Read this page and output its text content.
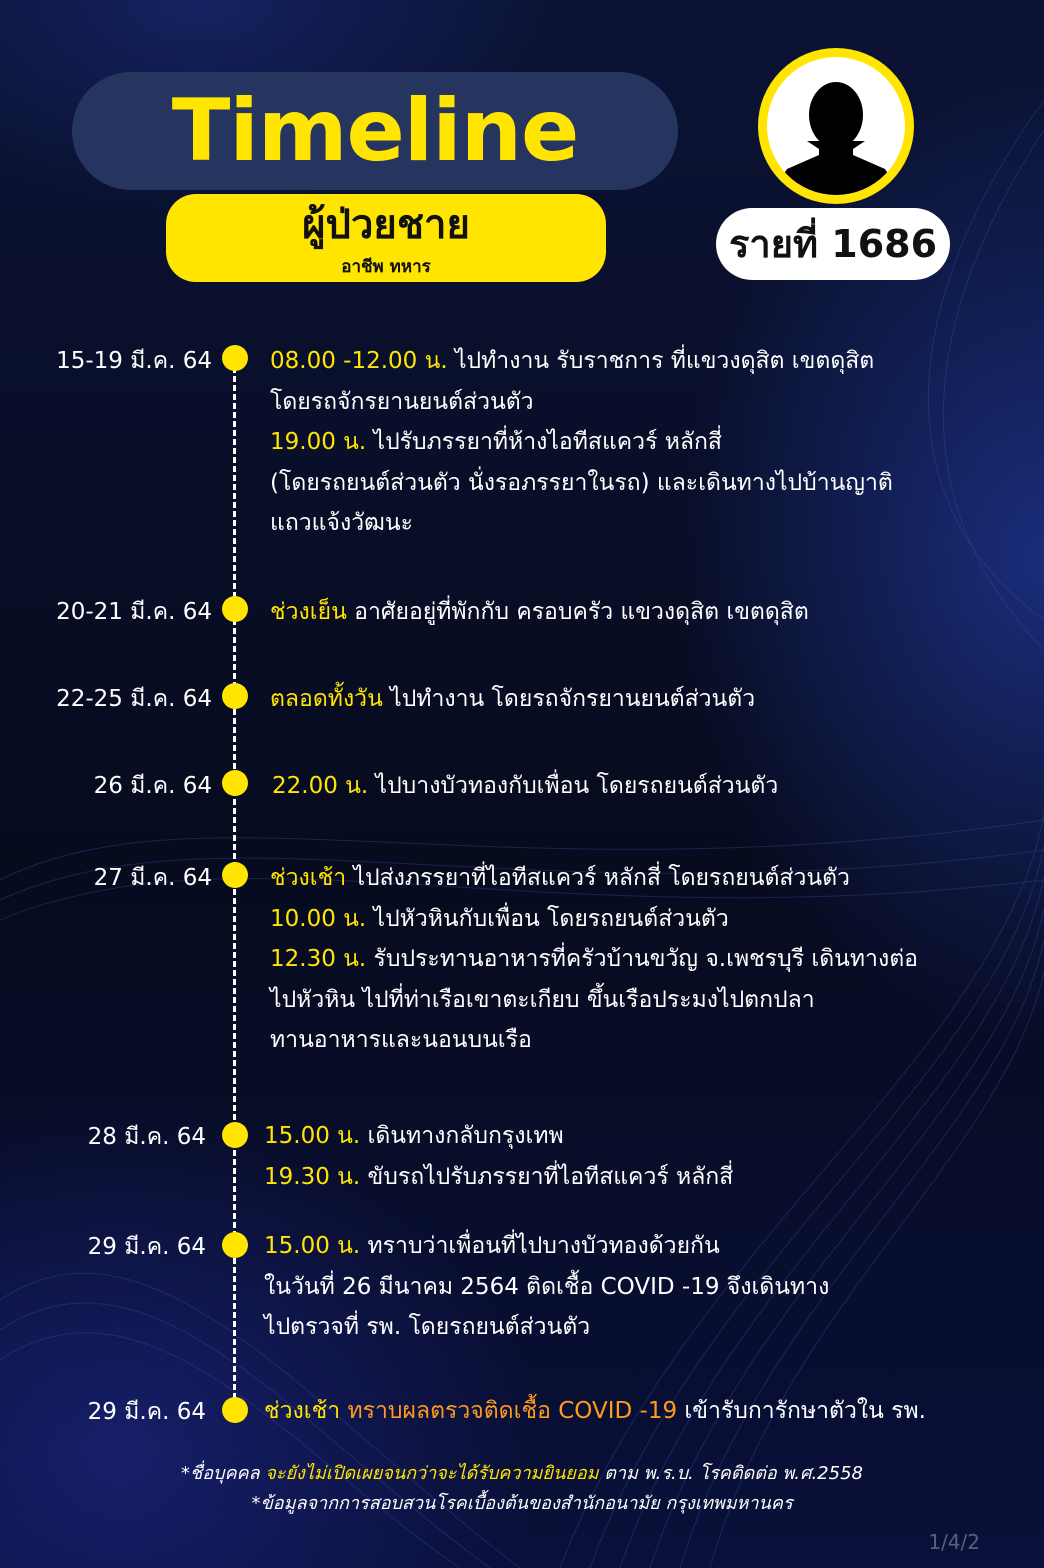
Timeline
ผู้ป่วยชาย
อาชีพ ทหาร
รายที่ 1686
15-19 มี.ค. 64	08.00 -12.00 น. ไปทำงาน รับราชการ ที่แขวงดุสิต เขตดุสิต
โดยรถจักรยานยนต์ส่วนตัว
19.00 น. ไปรับภรรยาที่ห้างไอทีสแควร์ หลักสี่
(โดยรถยนต์ส่วนตัว นั่งรอภรรยาในรถ) และเดินทางไปบ้านญาติ
แถวแจ้งวัฒนะ
20-21 มี.ค. 64	ช่วงเย็น อาศัยอยู่ที่พักกับ ครอบครัว แขวงดุสิต เขตดุสิต
22-25 มี.ค. 64	ตลอดทั้งวัน ไปทำงาน โดยรถจักรยานยนต์ส่วนตัว
26 มี.ค. 64	22.00 น. ไปบางบัวทองกับเพื่อน โดยรถยนต์ส่วนตัว
27 มี.ค. 64	ช่วงเช้า ไปส่งภรรยาที่ไอทีสแควร์ หลักสี่ โดยรถยนต์ส่วนตัว
10.00 น. ไปหัวหินกับเพื่อน โดยรถยนต์ส่วนตัว
12.30 น. รับประทานอาหารที่ครัวบ้านขวัญ จ.เพชรบุรี เดินทางต่อ
ไปหัวหิน ไปที่ท่าเรือเขาตะเกียบ ขึ้นเรือประมงไปตกปลา
ทานอาหารและนอนบนเรือ
28 มี.ค. 64	15.00 น. เดินทางกลับกรุงเทพ
19.30 น. ขับรถไปรับภรรยาที่ไอทีสแควร์ หลักสี่
29 มี.ค. 64	15.00 น. ทราบว่าเพื่อนที่ไปบางบัวทองด้วยกัน
ในวันที่ 26 มีนาคม 2564 ติดเชื้อ COVID -19 จึงเดินทาง
ไปตรวจที่ รพ. โดยรถยนต์ส่วนตัว
29 มี.ค. 64	ช่วงเช้า ทราบผลตรวจติดเชื้อ COVID -19 เข้ารับการักษาตัวใน รพ.
*ชื่อบุคคล จะยังไม่เปิดเผยจนกว่าจะได้รับความยินยอม ตาม พ.ร.บ. โรคติดต่อ พ.ศ.2558
*ข้อมูลจากการสอบสวนโรคเบื้องต้นของสำนักอนามัย กรุงเทพมหานคร
1/4/2
